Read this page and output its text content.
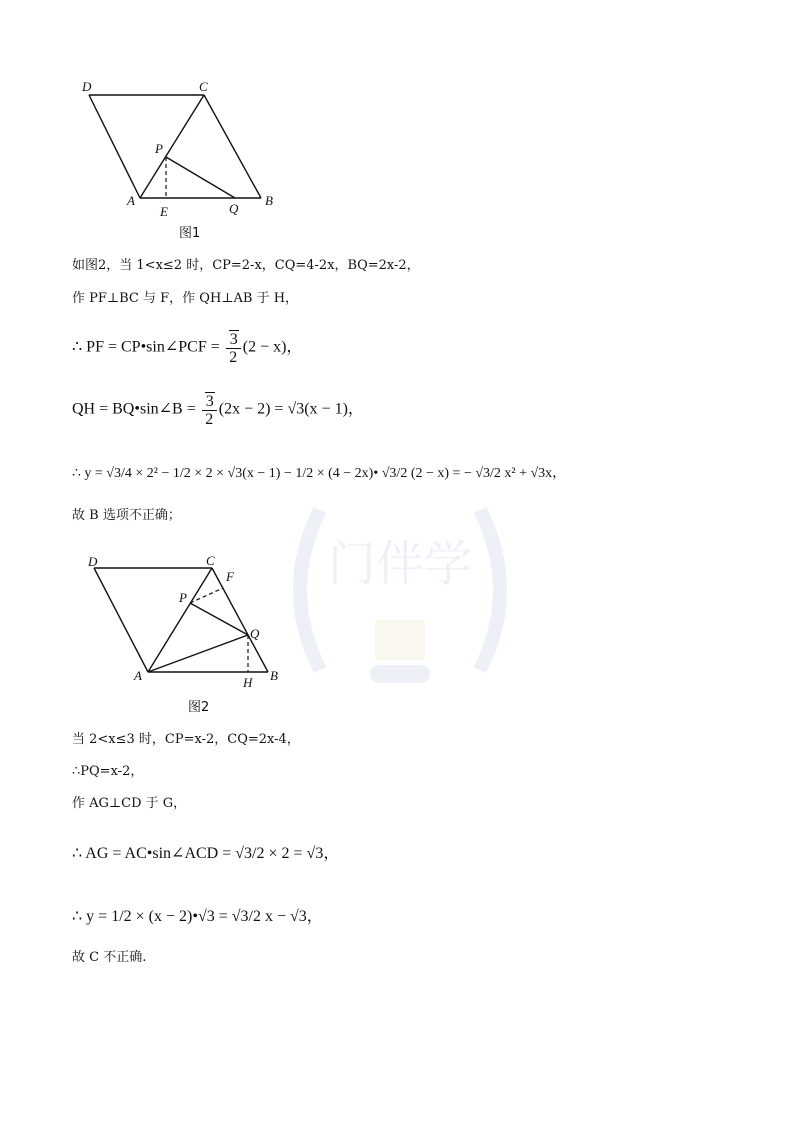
门伴学
D	C
P
A
E	Q
B
图1
如图2，当 1<x≤2 时，CP=2-x，CQ=4-2x，BQ=2x-2，
作 PF⊥BC 与 F，作 QH⊥AB 于 H，
∴ PF = CP•sin∠PCF = $\frac{3}{2} (2 - x)$，
QH = BQ•sin∠B = $\frac{3}{2} (2x - 2) = √3(x - 1)$，
∴ y = √3/4 × 2² − 1/2 × 2 × √3(x − 1) − 1/2 × (4 − 2x)• √3/2 (2 − x) = − √3/2 x² + √3x，
故 B 选项不正确；
D	C
F
P
Q
A	H B
图2
当 2<x≤3 时，CP=x-2，CQ=2x-4，
∴PQ=x-2，
作 AG⊥CD 于 G，
∴ AG = AC•sin∠ACD = √3/2 × 2 = √3，
∴ y = 1/2 × (x − 2)•√3 = √3/2 x − √3，
故 C 不正确.
